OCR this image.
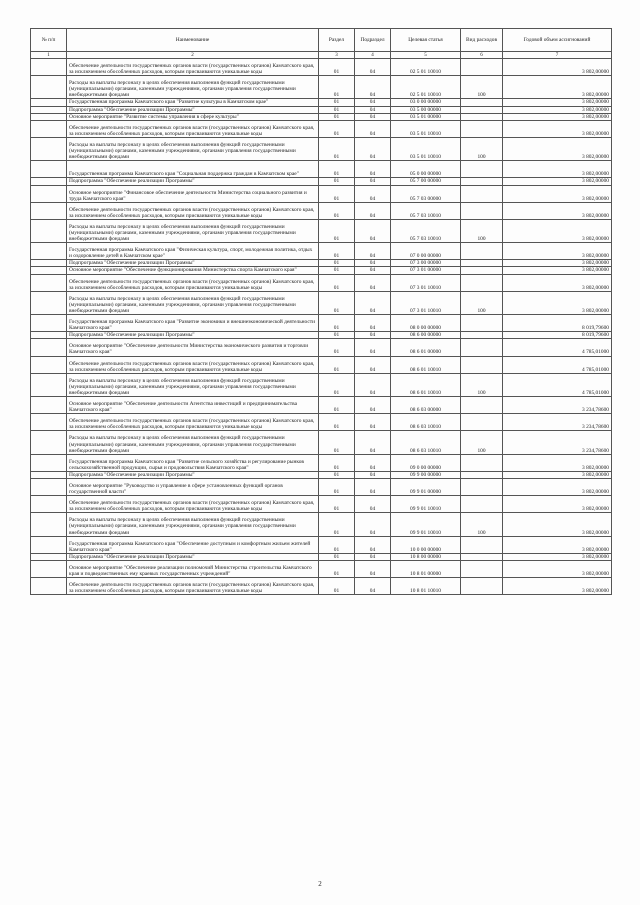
№ п/п	Наименование	Раздел	Подраздел	Целевая статья	Вид расходов	Годовой объем ассигнований
1	2	3	4	5	6	7
	Обеспечение деятельности государственных органов власти (государственных органов) Камчатского края, за исключением обособленных расходов, которым присваиваются уникальные коды	01	04	02 5 01 10010		3 802,00000
	Расходы на выплаты персоналу в целях обеспечения выполнения функций государственными (муниципальными) органами, казенными учреждениями, органами управления государственными внебюджетными фондами	01	04	02 5 01 10010	100	3 802,00000
	Государственная программа Камчатского края "Развитие культуры в Камчатском крае"	01	04	03 0 00 00000		3 802,00000
	Подпрограмма "Обеспечение реализации Программы"	01	04	03 5 00 00000		3 802,00000
	Основное мероприятие "Развитие системы управления в сфере культуры"	01	04	03 5 01 00000		3 802,00000
	Обеспечение деятельности государственных органов власти (государственных органов) Камчатского края, за исключением обособленных расходов, которым присваиваются уникальные коды	01	04	03 5 01 10010		3 802,00000
	Расходы на выплаты персоналу в целях обеспечения выполнения функций государственными (муниципальными) органами, казенными учреждениями, органами управления государственными внебюджетными фондами	01	04	03 5 01 10010	100	3 802,00000
	Государственная программа Камчатского края "Социальная поддержка граждан в Камчатском крае"	01	04	05 0 00 00000		3 802,00000
	Подпрограмма "Обеспечение реализации Программы"	01	04	05 7 00 00000		3 802,00000
	Основное мероприятие "Финансовое обеспечение деятельности Министерства социального развития и труда Камчатского края"	01	04	05 7 03 00000		3 802,00000
	Обеспечение деятельности государственных органов власти (государственных органов) Камчатского края, за исключением обособленных расходов, которым присваиваются уникальные коды	01	04	05 7 03 10010		3 802,00000
	Расходы на выплаты персоналу в целях обеспечения выполнения функций государственными (муниципальными) органами, казенными учреждениями, органами управления государственными внебюджетными фондами	01	04	05 7 03 10010	100	3 802,00000
	Государственная программа Камчатского края "Физическая культура, спорт, молодежная политика, отдых и оздоровление детей в Камчатском крае"	01	04	07 0 00 00000		3 802,00000
	Подпрограмма "Обеспечение реализации Программы"	01	04	07 3 00 00000		3 802,00000
	Основное мероприятие "Обеспечение функционирования Министерства спорта Камчатского края"	01	04	07 3 01 00000		3 802,00000
	Обеспечение деятельности государственных органов власти (государственных органов) Камчатского края, за исключением обособленных расходов, которым присваиваются уникальные коды	01	04	07 3 01 10010		3 802,00000
	Расходы на выплаты персоналу в целях обеспечения выполнения функций государственными (муниципальными) органами, казенными учреждениями, органами управления государственными внебюджетными фондами	01	04	07 3 01 10010	100	3 802,00000
	Государственная программа Камчатского края "Развитие экономики и внешнеэкономической деятельности Камчатского края"	01	04	08 0 00 00000		8 019,79600
	Подпрограмма "Обеспечение реализации Программы"	01	04	08 6 00 00000		8 019,79600
	Основное мероприятие "Обеспечение деятельности Министерства экономического развития и торговли Камчатского края"	01	04	08 6 01 00000		4 785,01000
	Обеспечение деятельности государственных органов власти (государственных органов) Камчатского края, за исключением обособленных расходов, которым присваиваются уникальные коды	01	04	08 6 01 10010		4 785,01000
	Расходы на выплаты персоналу в целях обеспечения выполнения функций государственными (муниципальными) органами, казенными учреждениями, органами управления государственными внебюджетными фондами	01	04	08 6 01 10010	100	4 785,01000
	Основное мероприятие "Обеспечение деятельности Агентства инвестиций и предпринимательства Камчатского края"	01	04	08 6 03 00000		3 234,78600
	Обеспечение деятельности государственных органов власти (государственных органов) Камчатского края, за исключением обособленных расходов, которым присваиваются уникальные коды	01	04	08 6 03 10010		3 234,78600
	Расходы на выплаты персоналу в целях обеспечения выполнения функций государственными (муниципальными) органами, казенными учреждениями, органами управления государственными внебюджетными фондами	01	04	08 6 03 10010	100	3 234,78600
	Государственная программа Камчатского края "Развитие сельского хозяйства и регулирование рынков сельскохозяйственной продукции, сырья и продовольствия Камчатского края"	01	04	09 0 00 00000		3 802,00000
	Подпрограмма "Обеспечение реализации Программы"	01	04	09 9 00 00000		3 802,00000
	Основное мероприятие "Руководство и управление в сфере установленных функций органов государственной власти"	01	04	09 9 01 00000		3 802,00000
	Обеспечение деятельности государственных органов власти (государственных органов) Камчатского края, за исключением обособленных расходов, которым присваиваются уникальные коды	01	04	09 9 01 10010		3 802,00000
	Расходы на выплаты персоналу в целях обеспечения выполнения функций государственными (муниципальными) органами, казенными учреждениями, органами управления государственными внебюджетными фондами	01	04	09 9 01 10010	100	3 802,00000
	Государственная программа Камчатского края "Обеспечение доступным и комфортным жильем жителей Камчатского края"	01	04	10 0 00 00000		3 802,00000
	Подпрограмма "Обеспечение реализации Программы"	01	04	10 8 00 00000		3 802,00000
	Основное мероприятие "Обеспечение реализации полномочий Министерства строительства Камчатского края и подведомственных ему краевых государственных учреждений"	01	04	10 8 01 00000		3 802,00000
	Обеспечение деятельности государственных органов власти (государственных органов) Камчатского края, за исключением обособленных расходов, которым присваиваются уникальные коды	01	04	10 8 01 10010		3 802,00000
2
